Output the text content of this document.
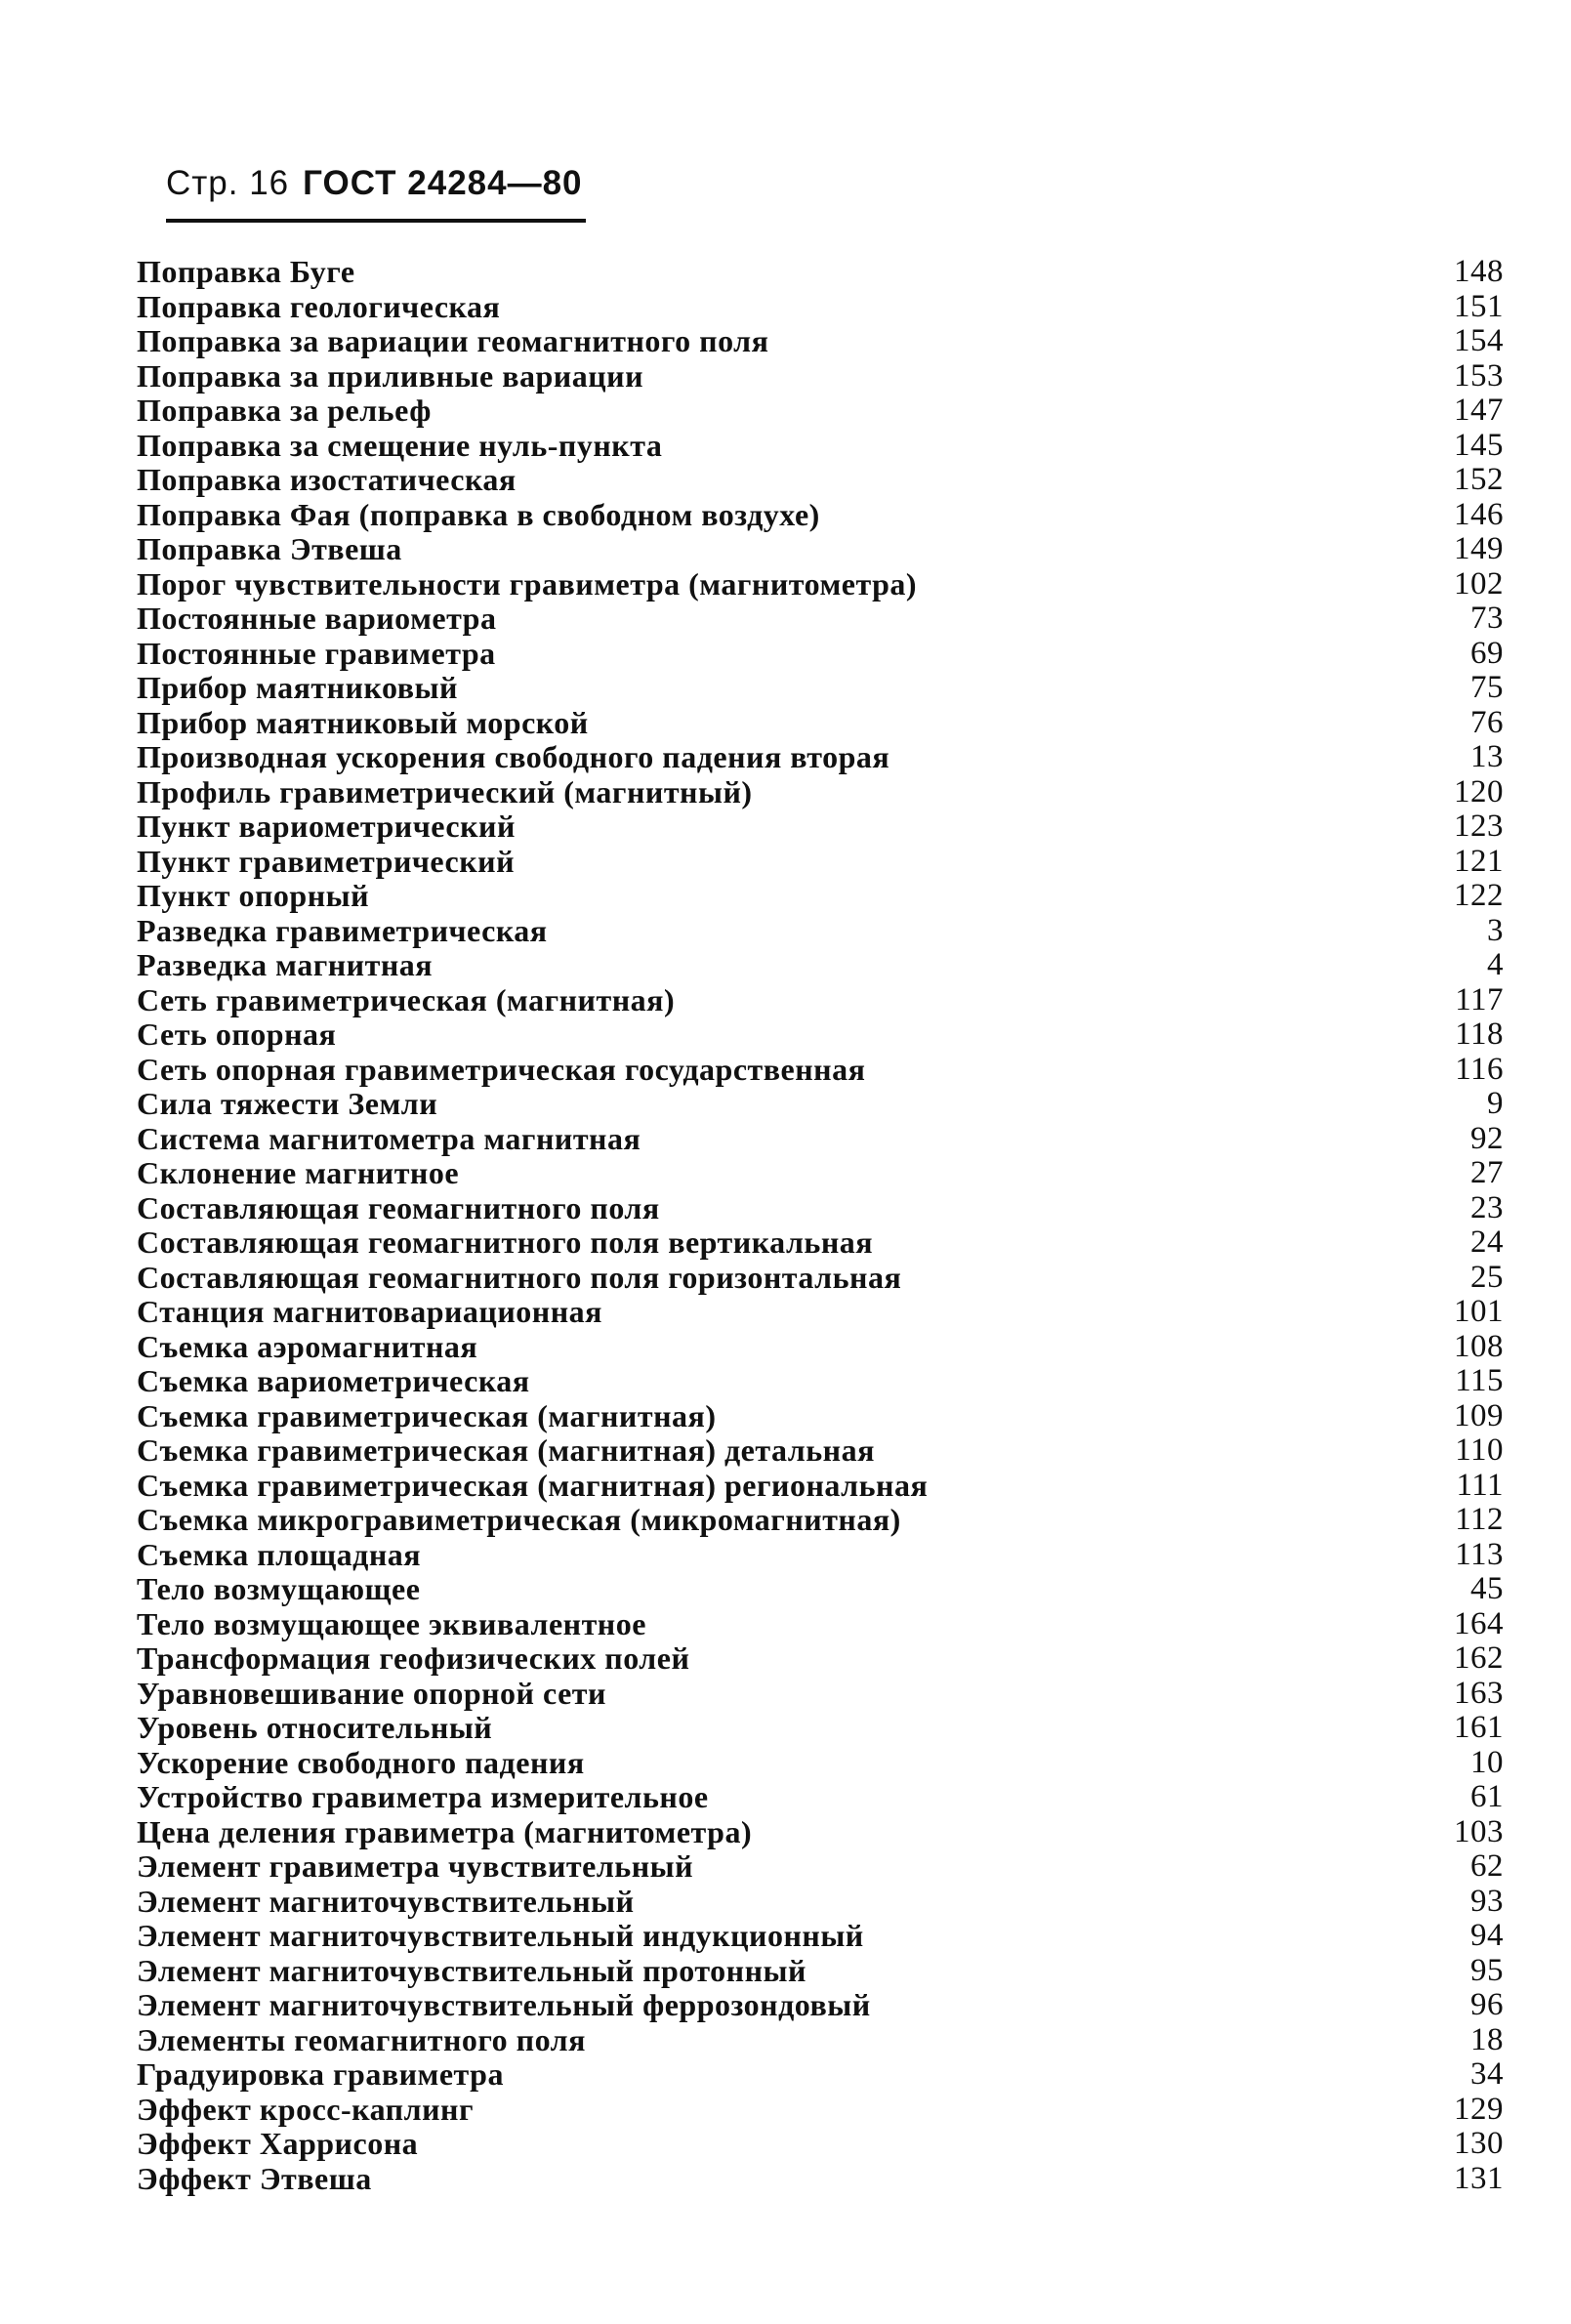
Стр. 16 ГОСТ 24284—80
Поправка Буге	148
Поправка геологическая	151
Поправка за вариации геомагнитного поля	154
Поправка за приливные вариации	153
Поправка за рельеф	147
Поправка за смещение нуль-пункта	145
Поправка изостатическая	152
Поправка Фая (поправка в свободном воздухе)	146
Поправка Этвеша	149
Порог чувствительности гравиметра (магнитометра)	102
Постоянные вариометра	73
Постоянные гравиметра	69
Прибор маятниковый	75
Прибор маятниковый морской	76
Производная ускорения свободного падения вторая	13
Профиль гравиметрический (магнитный)	120
Пункт вариометрический	123
Пункт гравиметрический	121
Пункт опорный	122
Разведка гравиметрическая	3
Разведка магнитная	4
Сеть гравиметрическая (магнитная)	117
Сеть опорная	118
Сеть опорная гравиметрическая государственная	116
Сила тяжести Земли	9
Система магнитометра магнитная	92
Склонение магнитное	27
Составляющая геомагнитного поля	23
Составляющая геомагнитного поля вертикальная	24
Составляющая геомагнитного поля горизонтальная	25
Станция магнитовариационная	101
Съемка аэромагнитная	108
Съемка вариометрическая	115
Съемка гравиметрическая (магнитная)	109
Съемка гравиметрическая (магнитная) детальная	110
Съемка гравиметрическая (магнитная) региональная	111
Съемка микрогравиметрическая (микромагнитная)	112
Съемка площадная	113
Тело возмущающее	45
Тело возмущающее эквивалентное	164
Трансформация геофизических полей	162
Уравновешивание опорной сети	163
Уровень относительный	161
Ускорение свободного падения	10
Устройство гравиметра измерительное	61
Цена деления гравиметра (магнитометра)	103
Элемент гравиметра чувствительный	62
Элемент магниточувствительный	93
Элемент магниточувствительный индукционный	94
Элемент магниточувствительный протонный	95
Элемент магниточувствительный феррозондовый	96
Элементы геомагнитного поля	18
Градуировка гравиметра	34
Эффект кросс-каплинг	129
Эффект Харрисона	130
Эффект Этвеша	131
